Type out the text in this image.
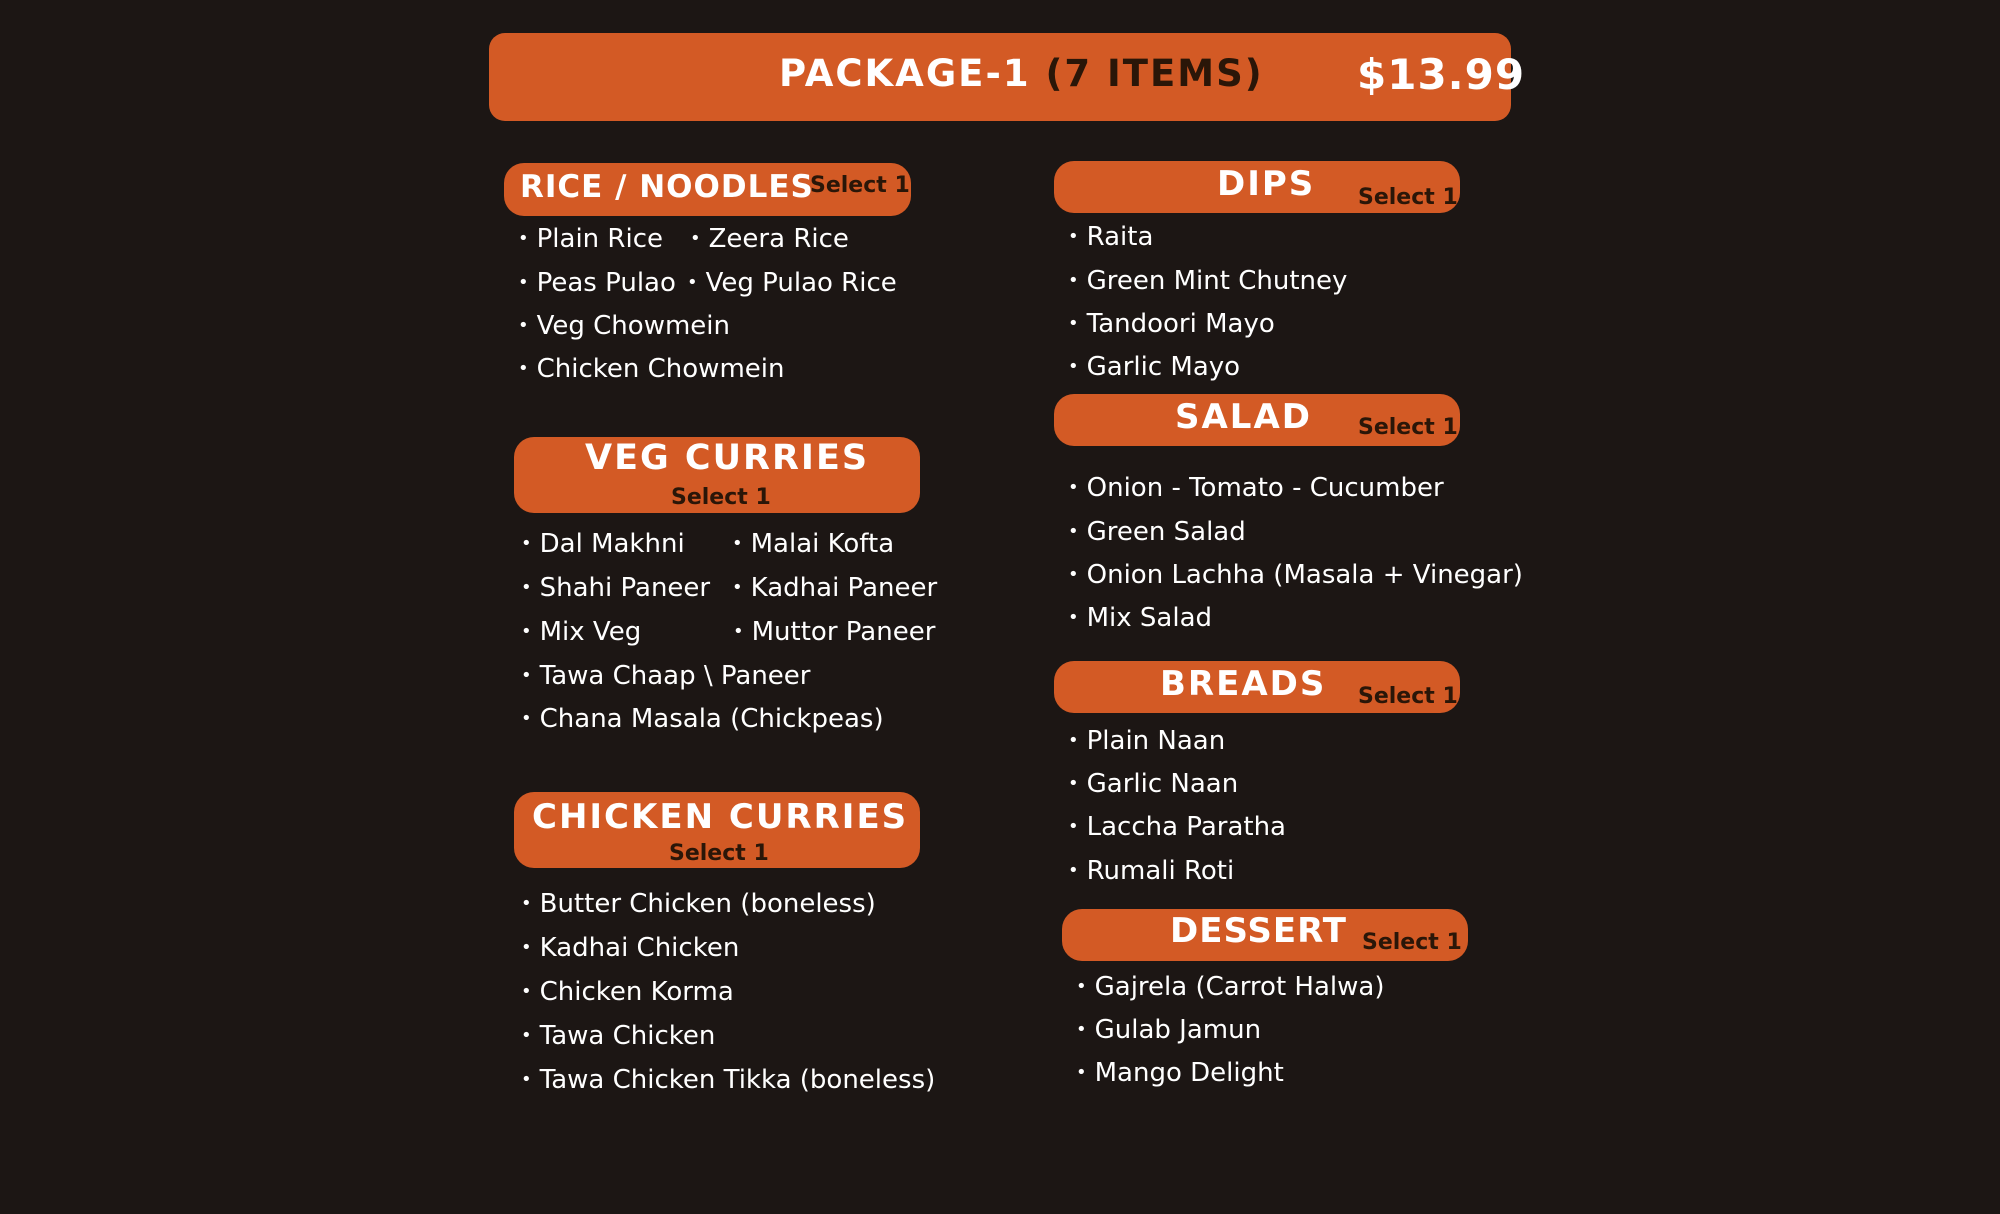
PACKAGE-1 (7 ITEMS) $13.99
RICE / NOODLES
Select 1
• Plain Rice	• Zeera Rice
• Peas Pulao	• Veg Pulao Rice
• Veg Chowmein
• Chicken Chowmein
VEG CURRIES
Select 1
• Dal Makhni	• Malai Kofta
• Shahi Paneer	• Kadhai Paneer
• Mix Veg	• Muttor Paneer
• Tawa Chaap \ Paneer
• Chana Masala (Chickpeas)
CHICKEN CURRIES
Select 1
• Butter Chicken (boneless)
• Kadhai Chicken
• Chicken Korma
• Tawa Chicken
• Tawa Chicken Tikka (boneless)
DIPS Select 1
• Raita
• Green Mint Chutney
• Tandoori Mayo
• Garlic Mayo
SALAD Select 1
• Onion - Tomato - Cucumber
• Green Salad
• Onion Lachha (Masala + Vinegar)
• Mix Salad
BREADS Select 1
• Plain Naan
• Garlic Naan
• Laccha Paratha
• Rumali Roti
DESSERT Select 1
• Gajrela (Carrot Halwa)
• Gulab Jamun
• Mango Delight
